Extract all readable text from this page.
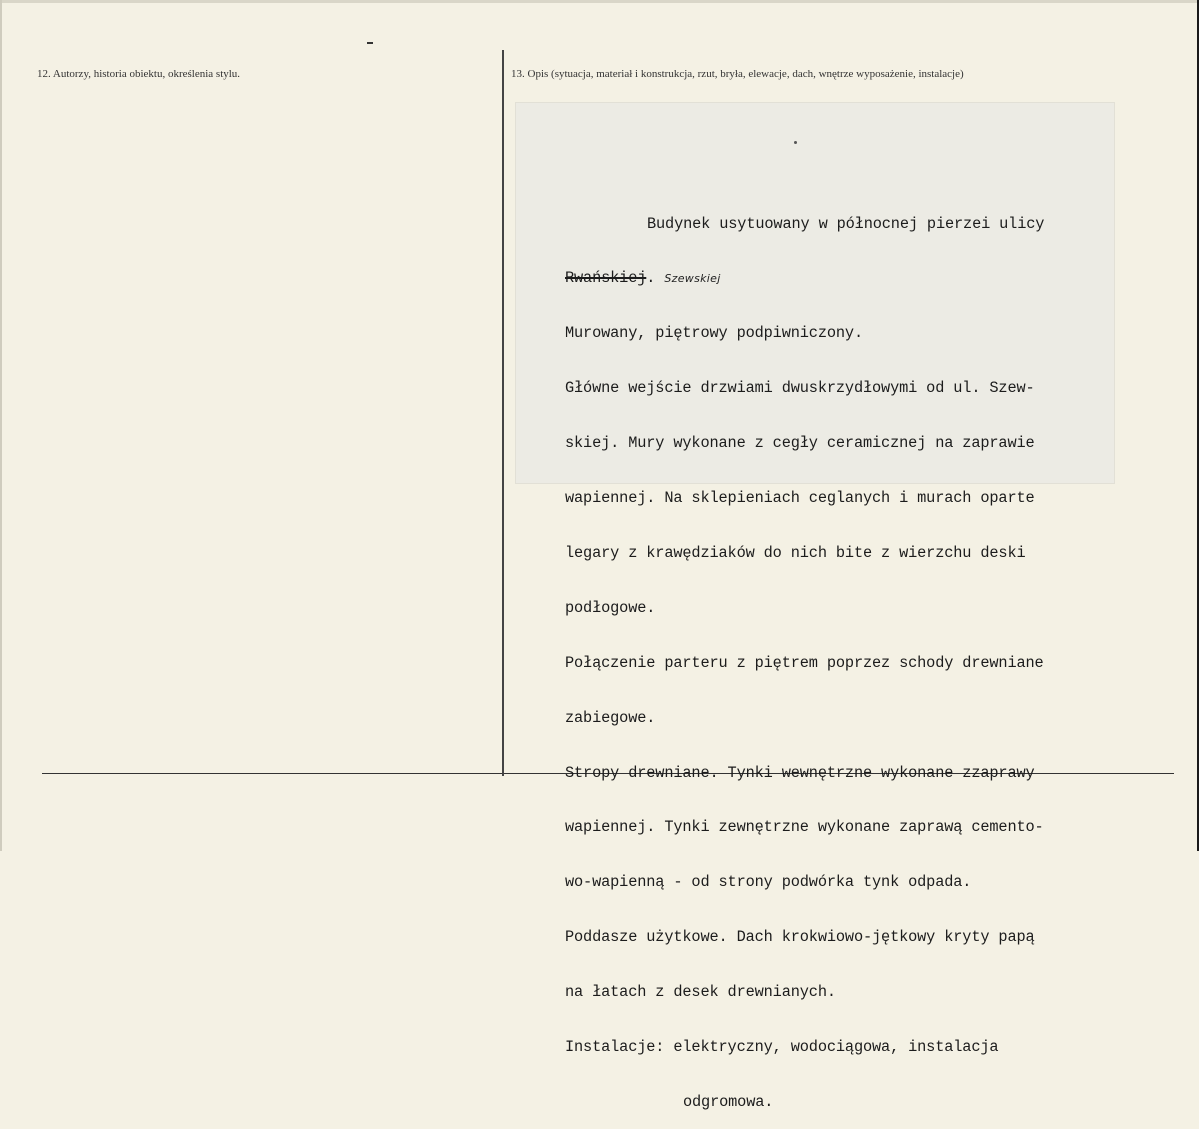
12. Autorzy, historia obiektu, określenia stylu.	13. Opis (sytuacja, materiał i konstrukcja, rzut, bryła, elewacje, dach, wnętrze wyposażenie, instalacje)

Budynek usytuowany w północnej pierzei ulicy

Rwańskiej. Szewskiej

Murowany, piętrowy podpiwniczony.

Główne wejście drzwiami dwuskrzydłowymi od ul. Szew-

skiej. Mury wykonane z cegły ceramicznej na zaprawie

wapiennej. Na sklepieniach ceglanych i murach oparte

legary z krawędziaków do nich bite z wierzchu deski

podłogowe.

Połączenie parteru z piętrem poprzez schody drewniane

zabiegowe.

Stropy drewniane. Tynki wewnętrzne wykonane zzaprawy

wapiennej. Tynki zewnętrzne wykonane zaprawą cemento-

wo-wapienną - od strony podwórka tynk odpada.

Poddasze użytkowe. Dach krokwiowo-jętkowy kryty papą

na łatach z desek drewnianych.

Instalacje: elektryczny, wodociągowa, instalacja

odgromowa.
